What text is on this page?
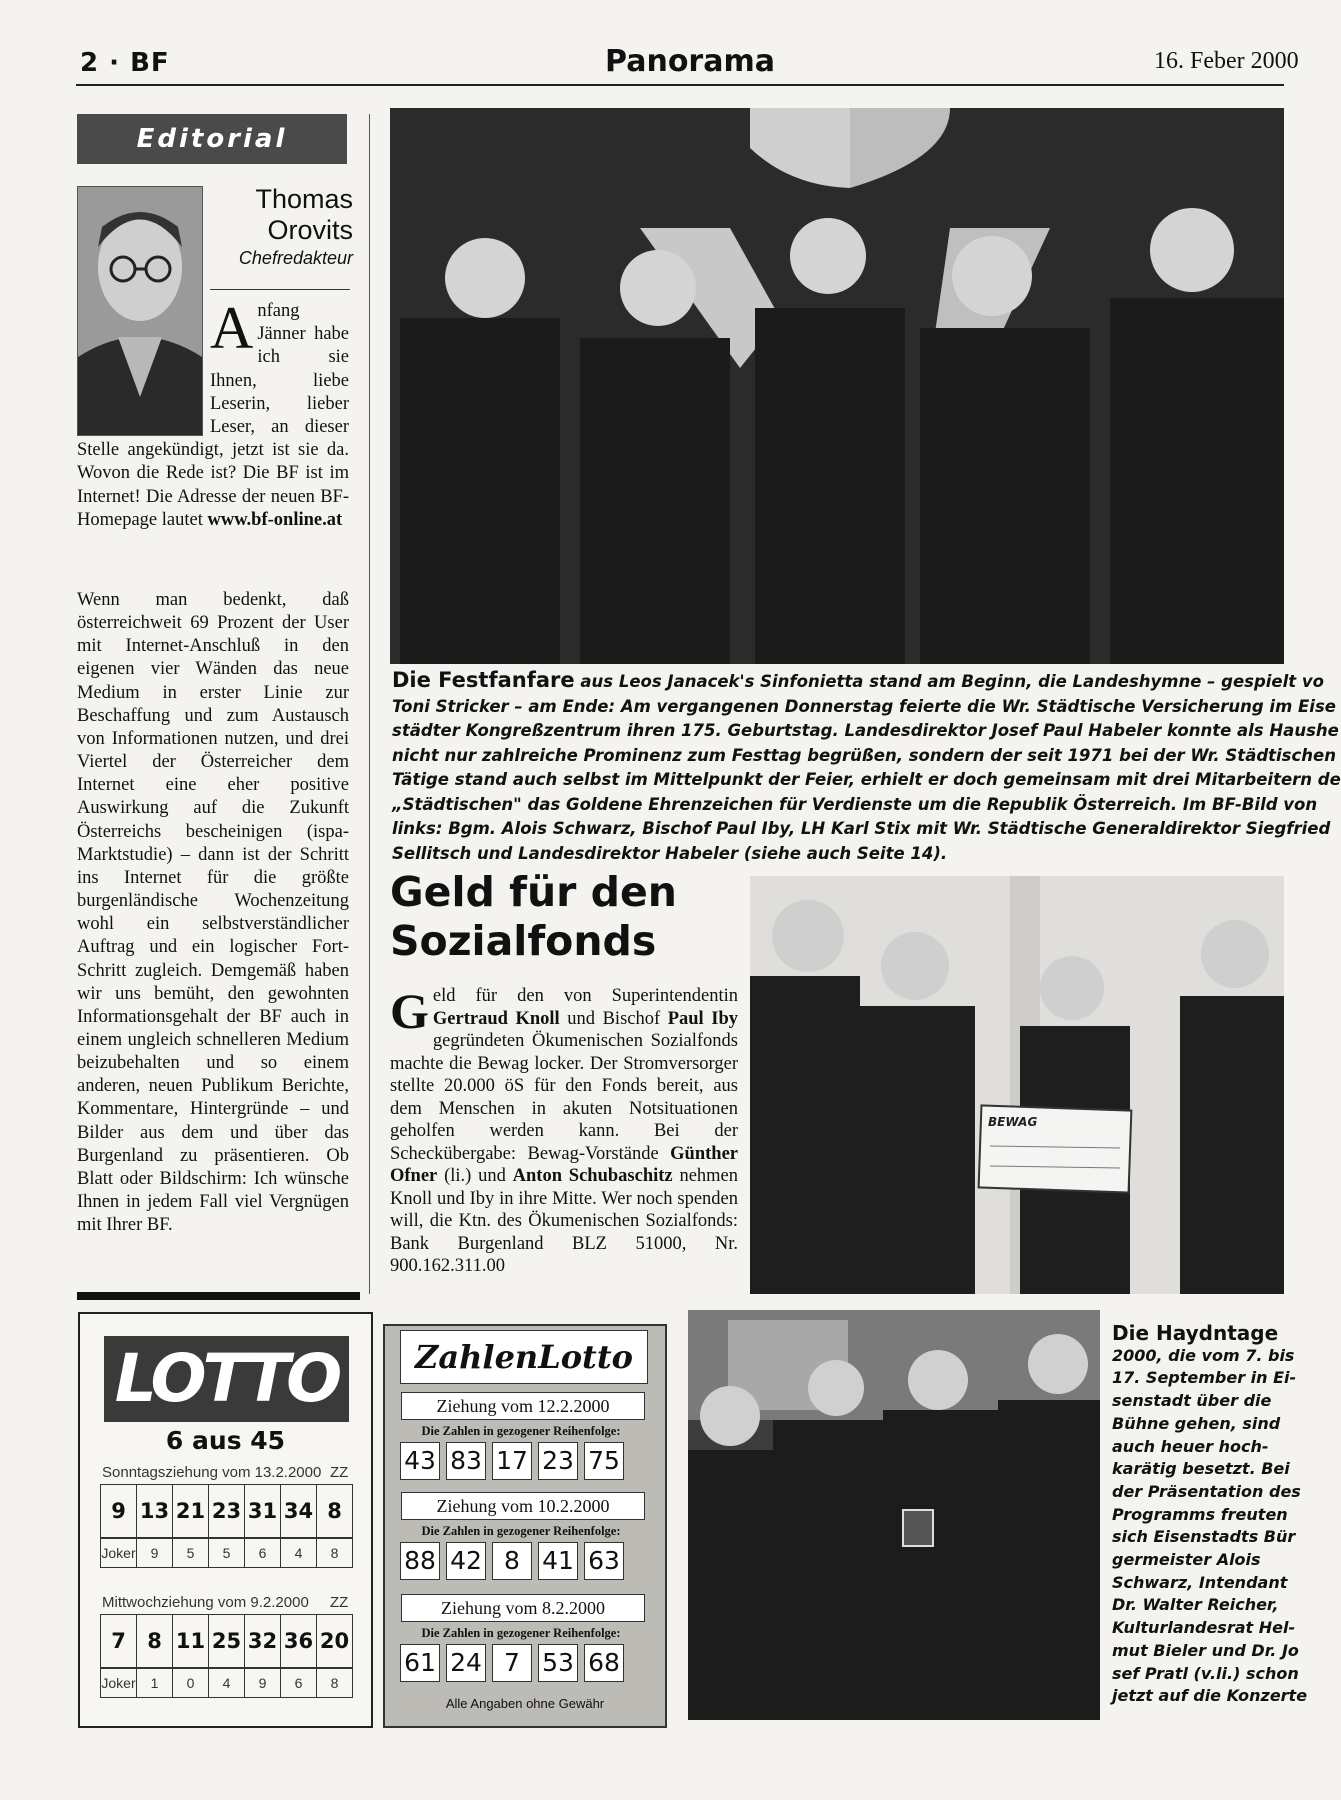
2 · BF	Panorama	16. Feber 2000
Editorial
Thomas
Orovits
Chefredakteur
A nfang Jänner habe ich sie Ihnen, liebe Leserin, lieber Leser, an dieser Stelle angekündigt, jetzt ist sie da. Wovon die Rede ist? Die BF ist im Internet! Die Adresse der neuen BF-Homepage lautet www.bf-online.at
Wenn man bedenkt, daß österreichweit 69 Prozent der User mit Internet-Anschluß in den eigenen vier Wänden das neue Medium in erster Linie zur Beschaffung und zum Austausch von Informationen nutzen, und drei Viertel der Österreicher dem Internet eine eher positive Auswirkung auf die Zukunft Österreichs bescheinigen (ispa-Marktstudie) – dann ist der Schritt ins Internet für die größte burgenländische Wochenzeitung wohl ein selbstverständlicher Auftrag und ein logischer Fort-Schritt zugleich. Demgemäß haben wir uns bemüht, den gewohnten Informationsgehalt der BF auch in einem ungleich schnelleren Medium beizubehalten und so einem anderen, neuen Publikum Berichte, Kommentare, Hintergründe – und Bilder aus dem und über das Burgenland zu präsentieren. Ob Blatt oder Bildschirm: Ich wünsche Ihnen in jedem Fall viel Vergnügen mit Ihrer BF.
Die Festfanfare aus Leos Janacek's Sinfonietta stand am Beginn, die Landeshymne – gespielt vo
Toni Stricker – am Ende: Am vergangenen Donnerstag feierte die Wr. Städtische Versicherung im Eise
städter Kongreßzentrum ihren 175. Geburtstag. Landesdirektor Josef Paul Habeler konnte als Haushe
nicht nur zahlreiche Prominenz zum Festtag begrüßen, sondern der seit 1971 bei der Wr. Städtischen
Tätige stand auch selbst im Mittelpunkt der Feier, erhielt er doch gemeinsam mit drei Mitarbeitern de
„Städtischen" das Goldene Ehrenzeichen für Verdienste um die Republik Österreich. Im BF-Bild von
links: Bgm. Alois Schwarz, Bischof Paul Iby, LH Karl Stix mit Wr. Städtische Generaldirektor Siegfried
Sellitsch und Landesdirektor Habeler (siehe auch Seite 14).
Geld für den
Sozialfonds
Geld für den von Superintendentin Gertraud Knoll und Bischof Paul Iby gegründeten Ökumenischen Sozialfonds machte die Bewag locker. Der Stromversorger stellte 20.000 öS für den Fonds bereit, aus dem Menschen in akuten Notsituationen geholfen werden kann. Bei der Scheckübergabe: Bewag-Vorstände Günther Ofner (li.) und Anton Schubaschitz nehmen Knoll und Iby in ihre Mitte. Wer noch spenden will, die Ktn. des Ökumenischen Sozialfonds: Bank Burgenland BLZ 51000, Nr. 900.162.311.00
BEWAG
LOTTO
6 aus 45
Sonntagsziehung vom 13.2.2000 ZZ
9	13	21	23	31	34	8
Joker	9	5	5	6	4	8
Mittwochziehung vom 9.2.2000 ZZ
7	8	11	25	32	36	20
Joker	1	0	4	9	6	8
ZahlenLotto
Ziehung vom 12.2.2000
Die Zahlen in gezogener Reihenfolge:
43 83 17 23 75
Ziehung vom 10.2.2000
Die Zahlen in gezogener Reihenfolge:
88 42 8 41 63
Ziehung vom 8.2.2000
Die Zahlen in gezogener Reihenfolge:
61 24 7 53 68
Alle Angaben ohne Gewähr
Die Haydntage
2000, die vom 7. bis
17. September in Ei-
senstadt über die
Bühne gehen, sind
auch heuer hoch-
karätig besetzt. Bei
der Präsentation des
Programms freuten
sich Eisenstadts Bür
germeister Alois
Schwarz, Intendant
Dr. Walter Reicher,
Kulturlandesrat Hel-
mut Bieler und Dr. Jo
sef Pratl (v.li.) schon
jetzt auf die Konzerte
